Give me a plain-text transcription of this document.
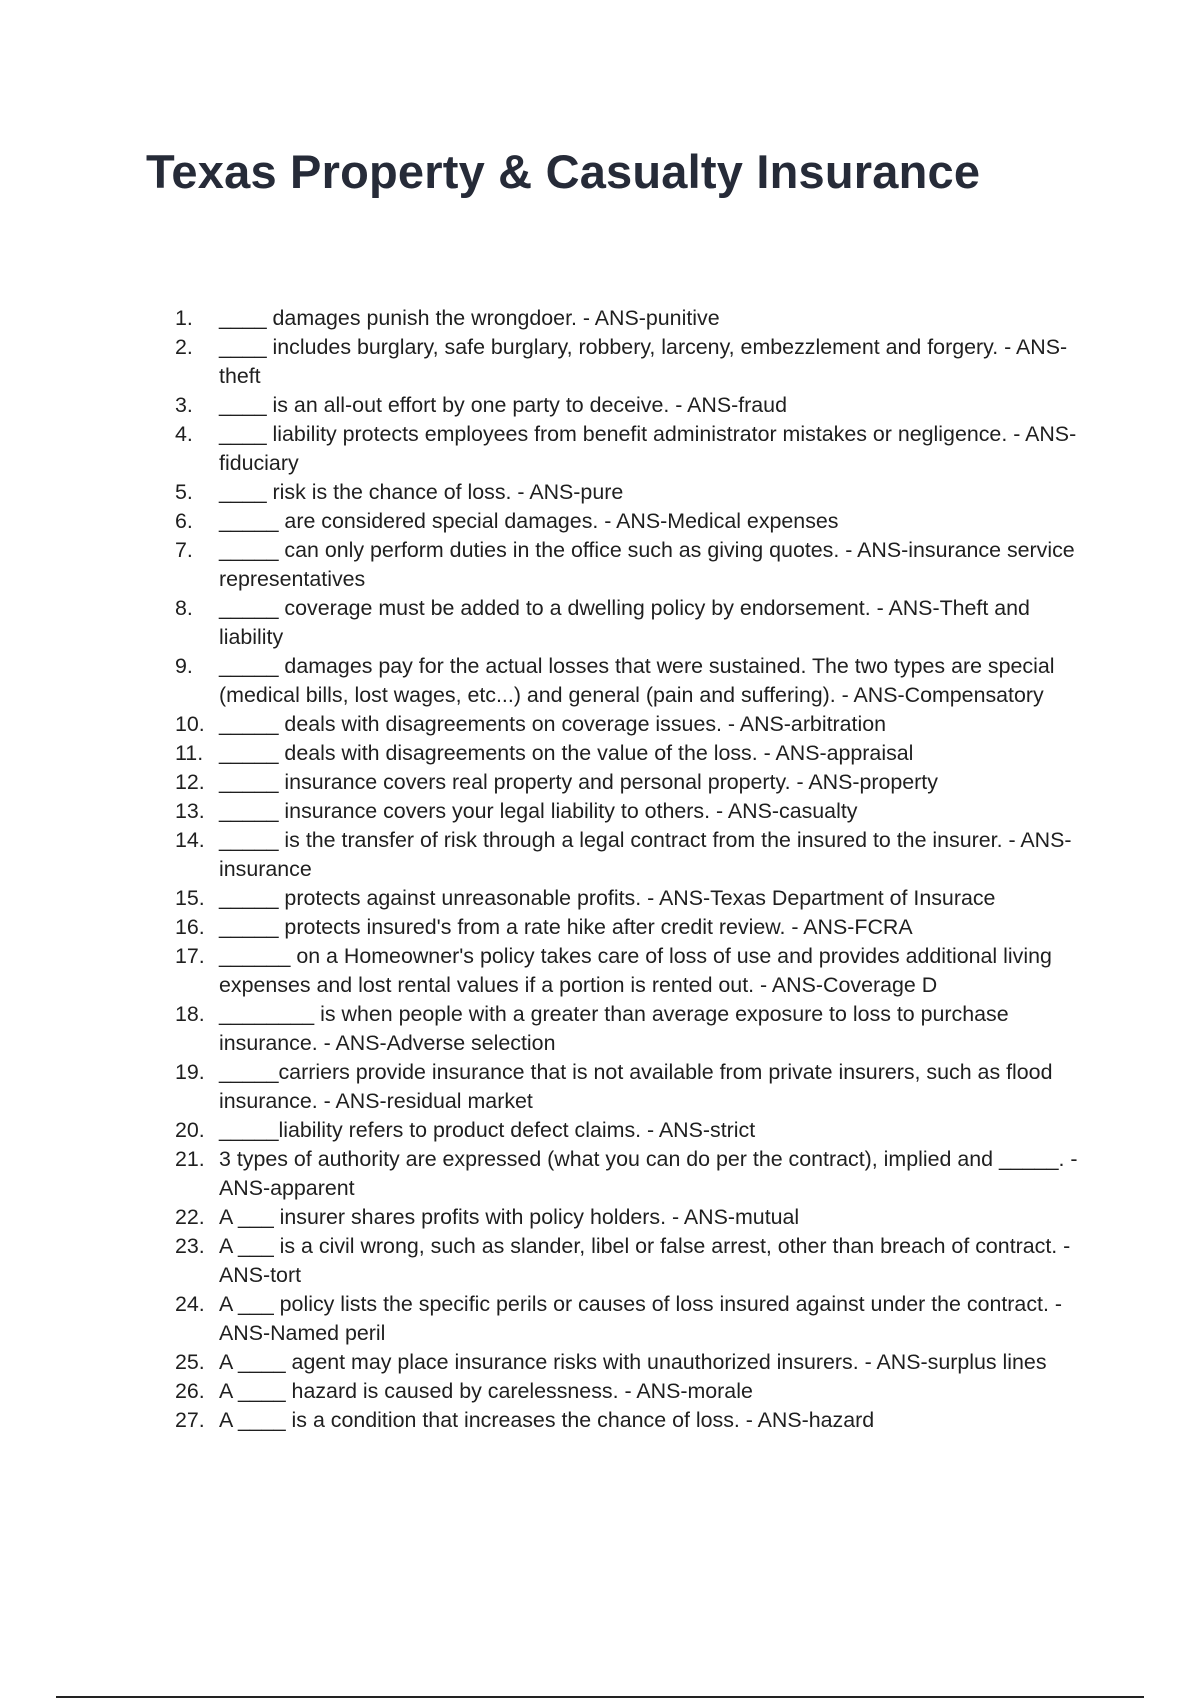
Texas Property & Casualty Insurance
1.	____ damages punish the wrongdoer. - ANS-punitive
2.	____ includes burglary, safe burglary, robbery, larceny, embezzlement and forgery. - ANS-theft
3.	____ is an all-out effort by one party to deceive. - ANS-fraud
4.	____ liability protects employees from benefit administrator mistakes or negligence. - ANS-fiduciary
5.	____ risk is the chance of loss. - ANS-pure
6.	_____ are considered special damages. - ANS-Medical expenses
7.	_____ can only perform duties in the office such as giving quotes. - ANS-insurance service representatives
8.	_____ coverage must be added to a dwelling policy by endorsement. - ANS-Theft and liability
9.	_____ damages pay for the actual losses that were sustained. The two types are special (medical bills, lost wages, etc...) and general (pain and suffering). - ANS-Compensatory
10. _____ deals with disagreements on coverage issues. - ANS-arbitration
11. _____ deals with disagreements on the value of the loss. - ANS-appraisal
12. _____ insurance covers real property and personal property. - ANS-property
13. _____ insurance covers your legal liability to others. - ANS-casualty
14. _____ is the transfer of risk through a legal contract from the insured to the insurer. - ANS-insurance
15. _____ protects against unreasonable profits. - ANS-Texas Department of Insurace
16. _____ protects insured's from a rate hike after credit review. - ANS-FCRA
17. ______ on a Homeowner's policy takes care of loss of use and provides additional living expenses and lost rental values if a portion is rented out. - ANS-Coverage D
18. ________ is when people with a greater than average exposure to loss to purchase insurance. - ANS-Adverse selection
19. _____carriers provide insurance that is not available from private insurers, such as flood insurance. - ANS-residual market
20. _____liability refers to product defect claims. - ANS-strict
21. 3 types of authority are expressed (what you can do per the contract), implied and _____. - ANS-apparent
22. A ___ insurer shares profits with policy holders. - ANS-mutual
23. A ___ is a civil wrong, such as slander, libel or false arrest, other than breach of contract. - ANS-tort
24. A ___ policy lists the specific perils or causes of loss insured against under the contract. - ANS-Named peril
25. A ____ agent may place insurance risks with unauthorized insurers. - ANS-surplus lines
26. A ____ hazard is caused by carelessness. - ANS-morale
27. A ____ is a condition that increases the chance of loss. - ANS-hazard
